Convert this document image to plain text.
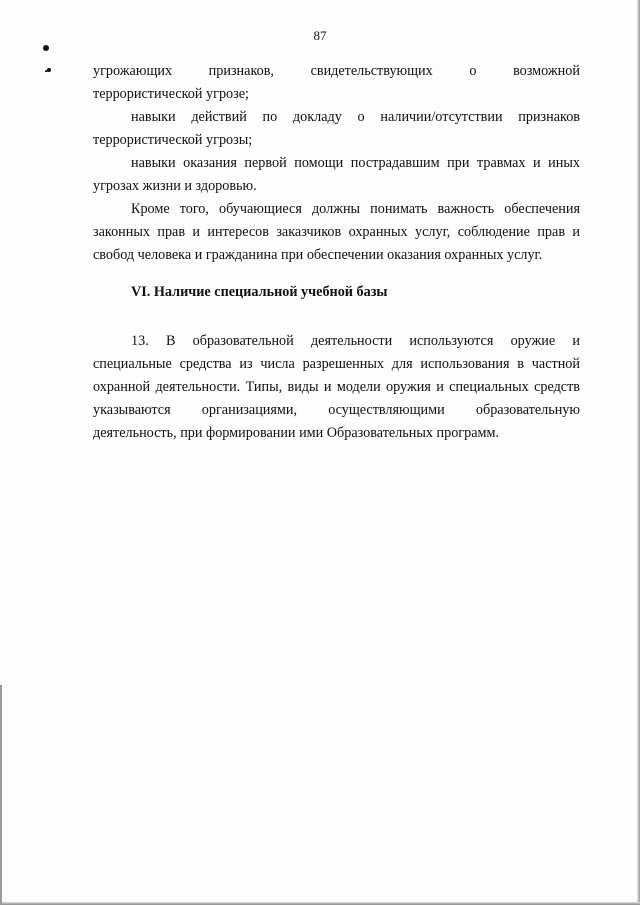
87

угрожающих	признаков,	свидетельствующих	о	возможной

террористической угрозе;

навыки действий по докладу о наличии/отсутствии признаков террористической угрозы;

навыки оказания первой помощи пострадавшим при травмах и иных угрозах жизни и здоровью.

Кроме того, обучающиеся должны понимать важность обеспечения законных прав и интересов заказчиков охранных услуг, соблюдение прав и свобод человека и гражданина при обеспечении оказания охранных услуг.

VI. Наличие специальной учебной базы

13. В образовательной деятельности используются оружие и специальные средства из числа разрешенных для использования в частной охранной деятельности. Типы, виды и модели оружия и специальных средств указываются организациями, осуществляющими образовательную деятельность, при формировании ими Образовательных программ.
